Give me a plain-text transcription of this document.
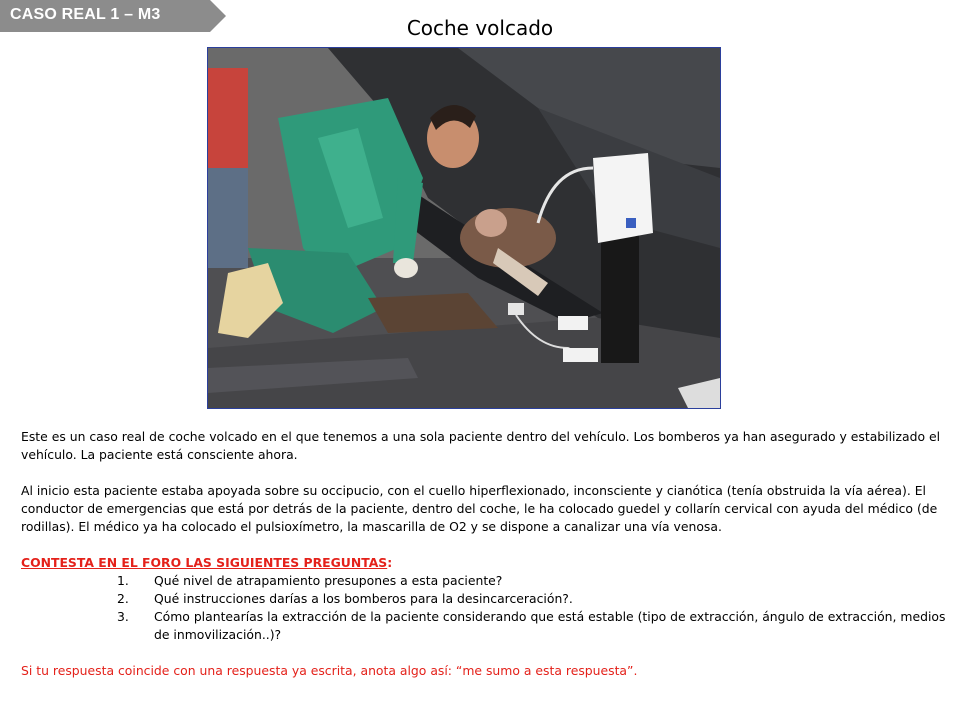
CASO REAL 1 – M3
Coche volcado

Este es un caso real de coche volcado en el que tenemos a una sola paciente dentro del vehículo. Los bomberos ya han asegurado y estabilizado el vehículo. La paciente está consciente ahora.

Al inicio esta paciente estaba apoyada sobre su occipucio, con el cuello hiperflexionado, inconsciente y cianótica (tenía obstruida la vía aérea). El conductor de emergencias que está por detrás de la paciente, dentro del coche, le ha colocado guedel y collarín cervical con ayuda del médico (de rodillas). El médico ya ha colocado el pulsioxímetro, la mascarilla de O2 y se dispone a canalizar una vía venosa.

CONTESTA EN EL FORO LAS SIGUIENTES PREGUNTAS:

1. Qué nivel de atrapamiento presupones a esta paciente?
2. Qué instrucciones darías a los bomberos para la desincarceración?.
3. Cómo plantearías la extracción de la paciente considerando que está estable (tipo de extracción, ángulo de extracción, medios de inmovilización..)?

Si tu respuesta coincide con una respuesta ya escrita, anota algo así: “me sumo a esta respuesta”.
